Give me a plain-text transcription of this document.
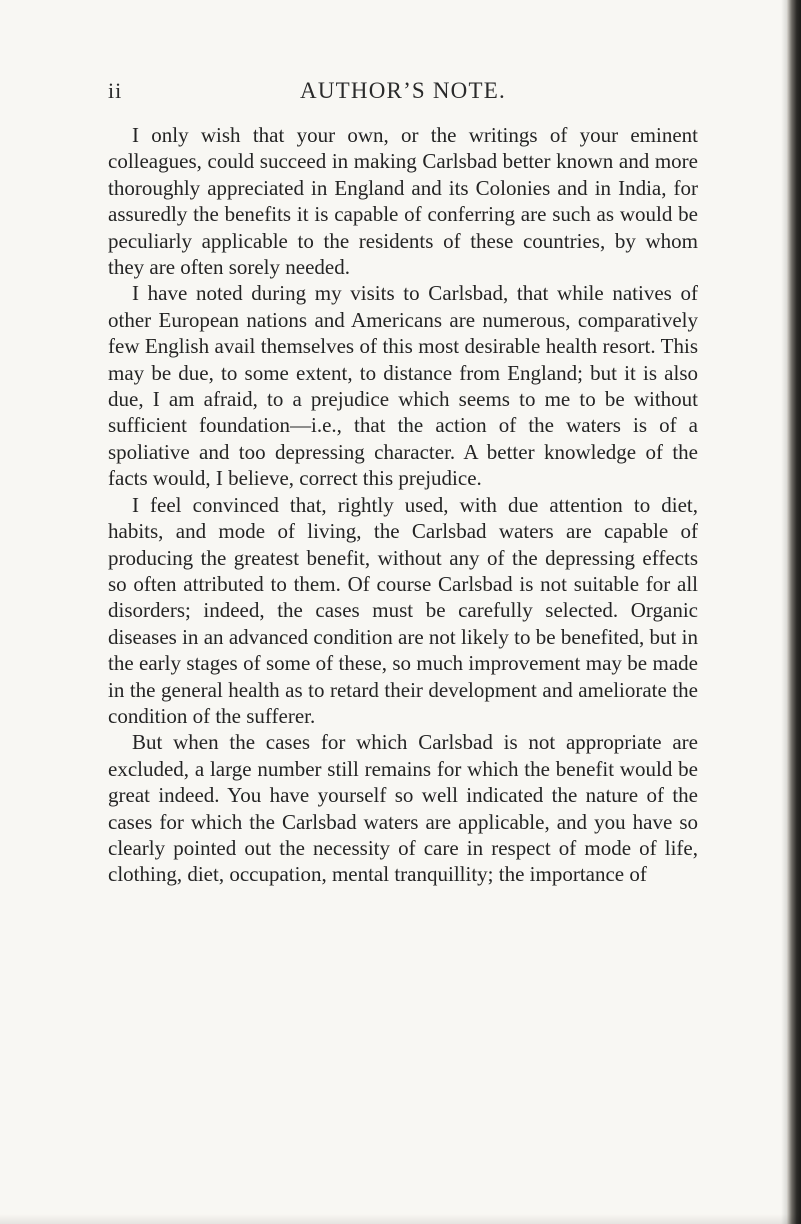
ii	AUTHOR’S NOTE.

I only wish that your own, or the writings of your eminent colleagues, could succeed in making Carlsbad better known and more thoroughly appreciated in England and its Colonies and in India, for assuredly the benefits it is capable of conferring are such as would be peculiarly applicable to the residents of these countries, by whom they are often sorely needed.

I have noted during my visits to Carlsbad, that while natives of other European nations and Americans are numerous, comparatively few English avail themselves of this most desirable health resort. This may be due, to some extent, to distance from England; but it is also due, I am afraid, to a prejudice which seems to me to be without sufficient foundation—i.e., that the action of the waters is of a spoliative and too depressing character. A better knowledge of the facts would, I believe, correct this prejudice.

I feel convinced that, rightly used, with due attention to diet, habits, and mode of living, the Carlsbad waters are capable of producing the greatest benefit, without any of the depressing effects so often attributed to them. Of course Carlsbad is not suitable for all disorders; indeed, the cases must be carefully selected. Organic diseases in an advanced condition are not likely to be benefited, but in the early stages of some of these, so much improvement may be made in the general health as to retard their development and ameliorate the condition of the sufferer.

But when the cases for which Carlsbad is not appropriate are excluded, a large number still remains for which the benefit would be great indeed. You have yourself so well indicated the nature of the cases for which the Carlsbad waters are applicable, and you have so clearly pointed out the necessity of care in respect of mode of life, clothing, diet, occupation, mental tranquillity; the importance of
